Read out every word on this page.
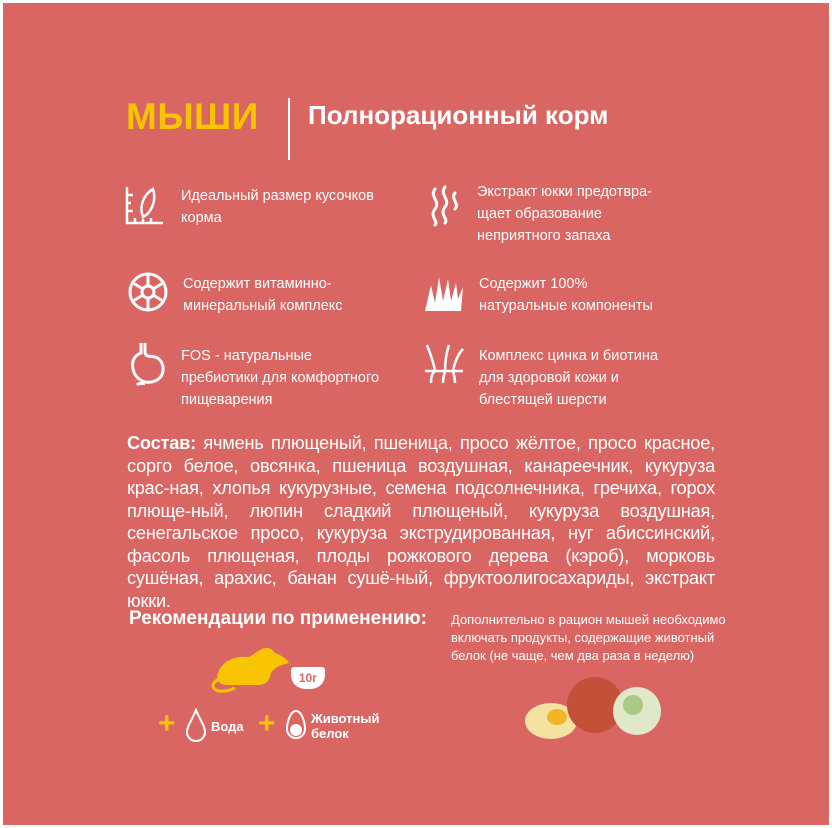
МЫШИ Полнорационный корм
Идеальный размер кусочков корма
Экстракт юкки предотвра-щает образование неприятного запаха
Содержит витаминно-минеральный комплекс
Содержит 100% натуральные компоненты
FOS - натуральные пребиотики для комфортного пищеварения
Комплекс цинка и биотина для здоровой кожи и блестящей шерсти
Состав: ячмень плющеный, пшеница, просо жёлтое, просо красное, сорго белое, овсянка, пшеница воздушная, канареечник, кукуруза крас-ная, хлопья кукурузные, семена подсолнечника, гречиха, горох плюще-ный, люпин сладкий плющеный, кукуруза воздушная, сенегальское просо, кукуруза экструдированная, нуг абиссинский, фасоль плющеная, плоды рожкового дерева (кэроб), морковь сушёная, арахис, банан сушё-ный, фруктоолигосахариды, экстракт юкки.
Рекомендации по применению: Дополнительно в рацион мышей необходимо включать продукты, содержащие животный белок (не чаще, чем два раза в неделю)
10г
+	Вода +	Животный белок
